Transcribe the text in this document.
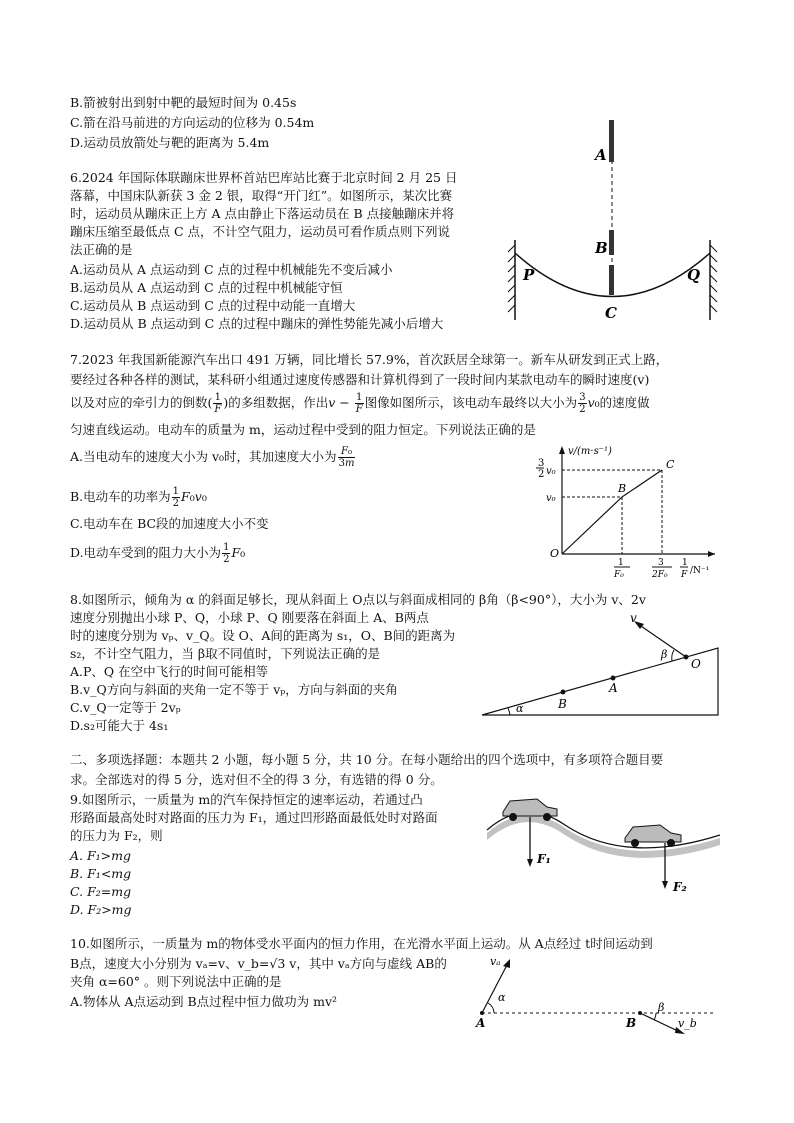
B.箭被射出到射中靶的最短时间为 0.45s
C.箭在沿马前进的方向运动的位移为 0.54m
D.运动员放箭处与靶的距离为 5.4m
6.2024 年国际体联蹦床世界杯首站巴库站比赛于北京时间 2 月 25 日
落幕，中国床队新获 3 金 2 银，取得“开门红”。如图所示，某次比赛
时，运动员从蹦床正上方 A 点由静止下落运动员在 B 点接触蹦床并将
蹦床压缩至最低点 C 点，不计空气阻力，运动员可看作质点则下列说
法正确的是
A.运动员从 A 点运动到 C 点的过程中机械能先不变后减小
B.运动员从 A 点运动到 C 点的过程中机械能守恒
C.运动员从 B 点运动到 C 点的过程中动能一直增大
D.运动员从 B 点运动到 C 点的过程中蹦床的弹性势能先减小后增大
A
B
C
P	Q
7.2023 年我国新能源汽车出口 491 万辆，同比增长 57.9%，首次跃居全球第一。新车从研发到正式上路，
要经过各种各样的测试，某科研小组通过速度传感器和计算机得到了一段时间内某款电动车的瞬时速度(v)
以及对应的牵引力的倒数( $\frac{1}{F}$ )的多组数据，作出$v - \frac{1}{F}$ 图像如图所示，该电动车最终以大小为 $\frac{3}{2} v_0$的速度做
匀速直线运动。电动车的质量为 m，运动过程中受到的阻力恒定。下列说法正确的是
A.当电动车的速度大小为 v₀时，其加速度大小为 $\frac{\text{F₀}}{3m}$
B.电动车的功率为 $\frac{1}{2} F_0v_0$
C.电动车在 BC段的加速度大小不变
D.电动车受到的阻力大小为 $\frac{1}{2} F_0$
v/(m·s⁻¹)
3
2 v₀
v₀
B
C
O
1
F₀
3
2F₀
1
F /N⁻¹
8.如图所示，倾角为 α 的斜面足够长，现从斜面上 O点以与斜面成相同的 β角（β<90°），大小为 v、2v
速度分别抛出小球 P、Q，小球 P、Q 刚要落在斜面上 A、B两点
时的速度分别为 vₚ、v_Q。设 O、A间的距离为 s₁，O、B间的距离为
s₂，不计空气阻力，当 β取不同值时，下列说法正确的是
A.P、Q 在空中飞行的时间可能相等
B.v_Q方向与斜面的夹角一定不等于 vₚ，方向与斜面的夹角
C.v_Q一定等于 2vₚ
D.s₂可能大于 4s₁
α
v
β
O
A
B
二、多项选择题：本题共 2 小题，每小题 5 分，共 10 分。在每小题给出的四个选项中，有多项符合题目要
求。全部选对的得 5 分，选对但不全的得 3 分，有选错的得 0 分。
9.如图所示，一质量为 m的汽车保持恒定的速率运动，若通过凸
形路面最高处时对路面的压力为 F₁，通过凹形路面最低处时对路面
的压力为 F₂，则
A. F₁>mg
B. F₁<mg
C. F₂=mg
D. F₂>mg
F₁
F₂
10.如图所示，一质量为 m的物体受水平面内的恒力作用，在光滑水平面上运动。从 A点经过 t时间运动到
B点，速度大小分别为 vₐ=v、v_b=√3 v，其中 vₐ方向与虚线 AB的
夹角 α=60° 。则下列说法中正确的是
A.物体从 A点运动到 B点过程中恒力做功为 mv²
vₐ
α
A	B
β
v_b
